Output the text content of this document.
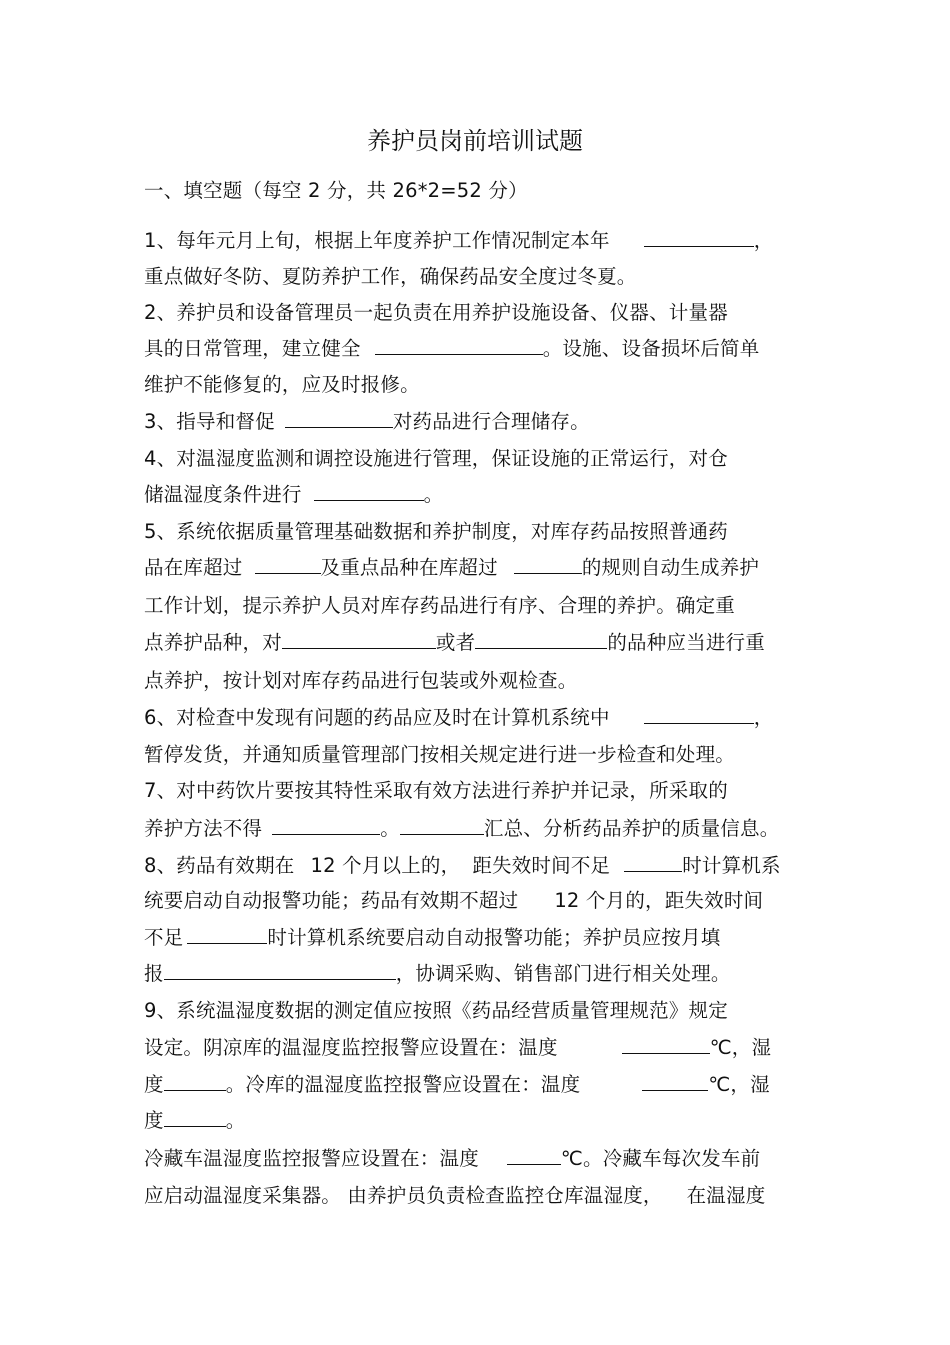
养护员岗前培训试题
一、填空题（每空 2 分，共 26*2=52 分）
1、每年元月上旬，根据上年度养护工作情况制定本年	，
重点做好冬防、夏防养护工作，确保药品安全度过冬夏。
2、养护员和设备管理员一起负责在用养护设施设备、仪器、计量器
具的日常管理，建立健全	。设施、设备损坏后简单
维护不能修复的，应及时报修。
3、指导和督促	对药品进行合理储存。
4、对温湿度监测和调控设施进行管理，保证设施的正常运行，对仓
储温湿度条件进行	。
5、系统依据质量管理基础数据和养护制度，对库存药品按照普通药
品在库超过	及重点品种在库超过	的规则自动生成养护
工作计划，提示养护人员对库存药品进行有序、合理的养护。确定重
点养护品种，对	或者	的品种应当进行重
点养护，按计划对库存药品进行包装或外观检查。
6、对检查中发现有问题的药品应及时在计算机系统中	，
暂停发货，并通知质量管理部门按相关规定进行进一步检查和处理。
7、对中药饮片要按其特性采取有效方法进行养护并记录，所采取的
养护方法不得	。	汇总、分析药品养护的质量信息。
8、药品有效期在 12 个月以上的， 距失效时间不足	时计算机系
统要启动自动报警功能；药品有效期不超过 12 个月的，距失效时间
不足	时计算机系统要启动自动报警功能；养护员应按月填
报	，协调采购、销售部门进行相关处理。
9、系统温湿度数据的测定值应按照《药品经营质量管理规范》规定
设定。阴凉库的温湿度监控报警应设置在：温度	℃，湿
度	。冷库的温湿度监控报警应设置在：温度	℃，湿
度	。
冷藏车温湿度监控报警应设置在：温度	℃。冷藏车每次发车前
应启动温湿度采集器。 由养护员负责检查监控仓库温湿度， 在温湿度
